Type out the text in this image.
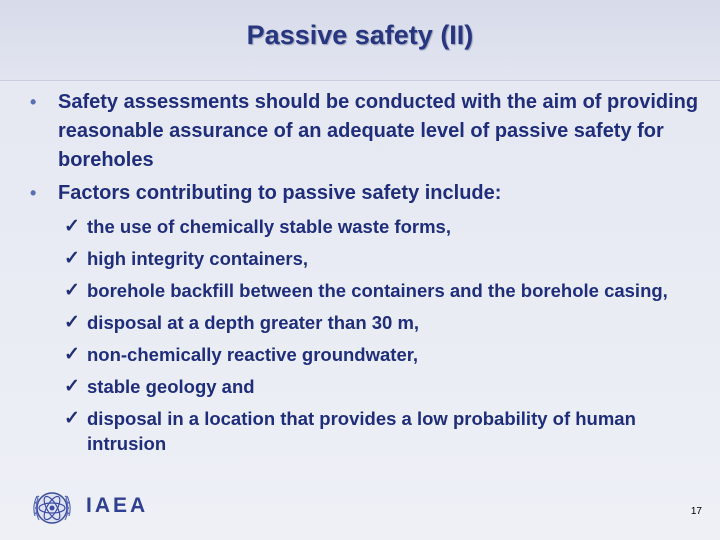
Passive safety (II)
• Safety assessments should be conducted with the aim of providing reasonable assurance of an adequate level of passive safety for boreholes
• Factors contributing to passive safety include:
✓ the use of chemically stable waste forms,
✓ high integrity containers,
✓ borehole backfill between the containers and the borehole casing,
✓ disposal at a depth greater than 30 m,
✓ non-chemically reactive groundwater,
✓ stable geology and
✓ disposal in a location that provides a low probability of human intrusion
IAEA	17
